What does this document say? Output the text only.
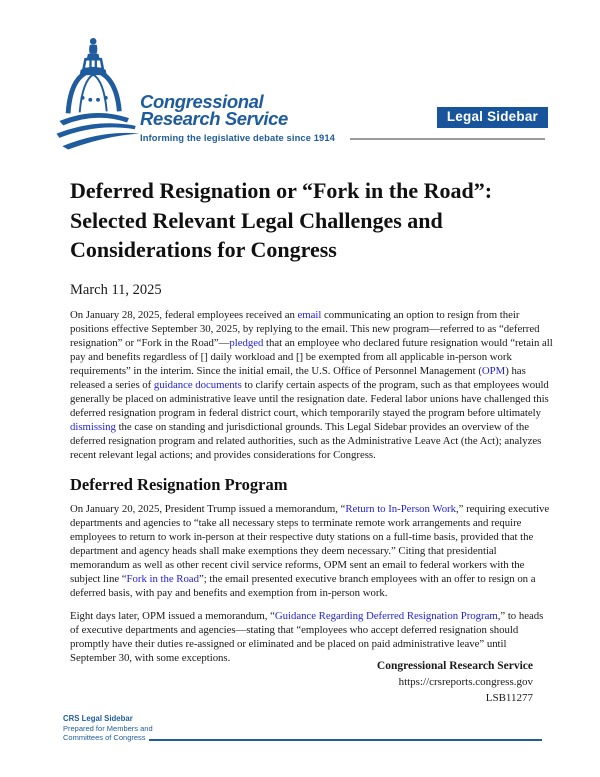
Congressional
Research Service
Informing the legislative debate since 1914
Legal Sidebar
Deferred Resignation or “Fork in the Road”:
Selected Relevant Legal Challenges and
Considerations for Congress
March 11, 2025

On January 28, 2025, federal employees received an email communicating an option to resign from their positions effective September 30, 2025, by replying to the email. This new program—referred to as “deferred resignation” or “Fork in the Road”—pledged that an employee who declared future resignation would “retain all pay and benefits regardless of [] daily workload and [] be exempted from all applicable in-person work requirements” in the interim. Since the initial email, the U.S. Office of Personnel Management (OPM) has released a series of guidance documents to clarify certain aspects of the program, such as that employees would generally be placed on administrative leave until the resignation date. Federal labor unions have challenged this deferred resignation program in federal district court, which temporarily stayed the program before ultimately dismissing the case on standing and jurisdictional grounds. This Legal Sidebar provides an overview of the deferred resignation program and related authorities, such as the Administrative Leave Act (the Act); analyzes recent relevant legal actions; and provides considerations for Congress.

Deferred Resignation Program

On January 20, 2025, President Trump issued a memorandum, “Return to In-Person Work,” requiring executive departments and agencies to “take all necessary steps to terminate remote work arrangements and require employees to return to work in-person at their respective duty stations on a full-time basis, provided that the department and agency heads shall make exemptions they deem necessary.” Citing that presidential memorandum as well as other recent civil service reforms, OPM sent an email to federal workers with the subject line “Fork in the Road”; the email presented executive branch employees with an offer to resign on a deferred basis, with pay and benefits and exemption from in-person work.

Eight days later, OPM issued a memorandum, “Guidance Regarding Deferred Resignation Program,” to heads of executive departments and agencies—stating that “employees who accept deferred resignation should promptly have their duties re-assigned or eliminated and be placed on paid administrative leave” until September 30, with some exceptions.

Congressional Research Service
https://crsreports.congress.gov
LSB11277
CRS Legal Sidebar
Prepared for Members and
Committees of Congress
